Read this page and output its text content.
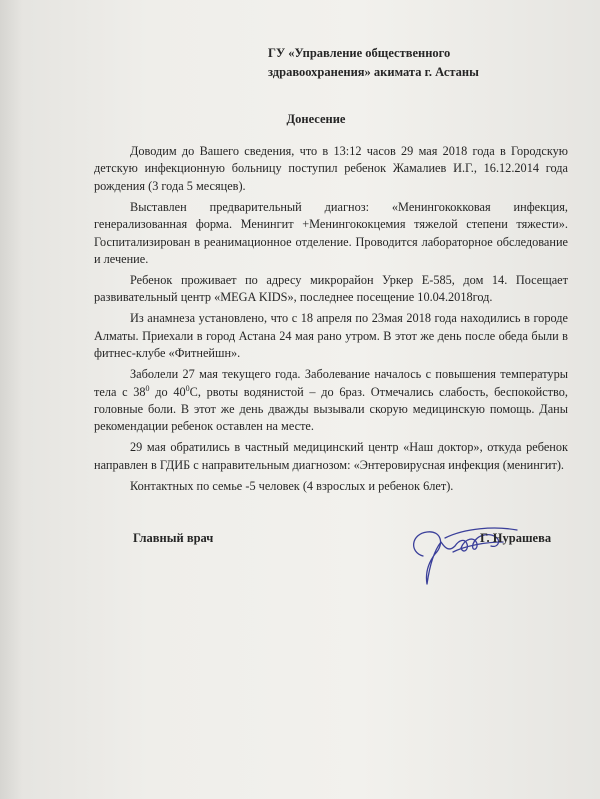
ГУ «Управление общественного
здравоохранения» акимата г. Астаны
Донесение

Доводим до Вашего сведения, что в 13:12 часов 29 мая 2018 года в Городскую детскую инфекционную больницу поступил ребенок Жамалиев И.Г., 16.12.2014 года рождения (3 года 5 месяцев).

Выставлен предварительный диагноз: «Менингококковая инфекция, генерализованная форма. Менингит +Менингококцемия тяжелой степени тяжести». Госпитализирован в реанимационное отделение. Проводится лабораторное обследование и лечение.

Ребенок проживает по адресу микрорайон Уркер Е-585, дом 14. Посещает развивательный центр «MEGA KIDS», последнее посещение 10.04.2018год.

Из анамнеза установлено, что с 18 апреля по 23мая 2018 года находились в городе Алматы. Приехали в город Астана 24 мая рано утром. В этот же день после обеда были в фитнес-клубе «Фитнейшн».

Заболели 27 мая текущего года. Заболевание началось с повышения температуры тела с $38^0$ до $40^0С$, рвоты водянистой – до 6раз. Отмечались слабость, беспокойство, головные боли. В этот же день дважды вызывали скорую медицинскую помощь. Даны рекомендации ребенок оставлен на месте.

29 мая обратились в частный медицинский центр «Наш доктор», откуда ребенок направлен в ГДИБ с направительным диагнозом: «Энтеровирусная инфекция (менингит).

Контактных по семье -5 человек (4 взрослых и ребенок 6лет).

Главный врач	Г. Нурашева
